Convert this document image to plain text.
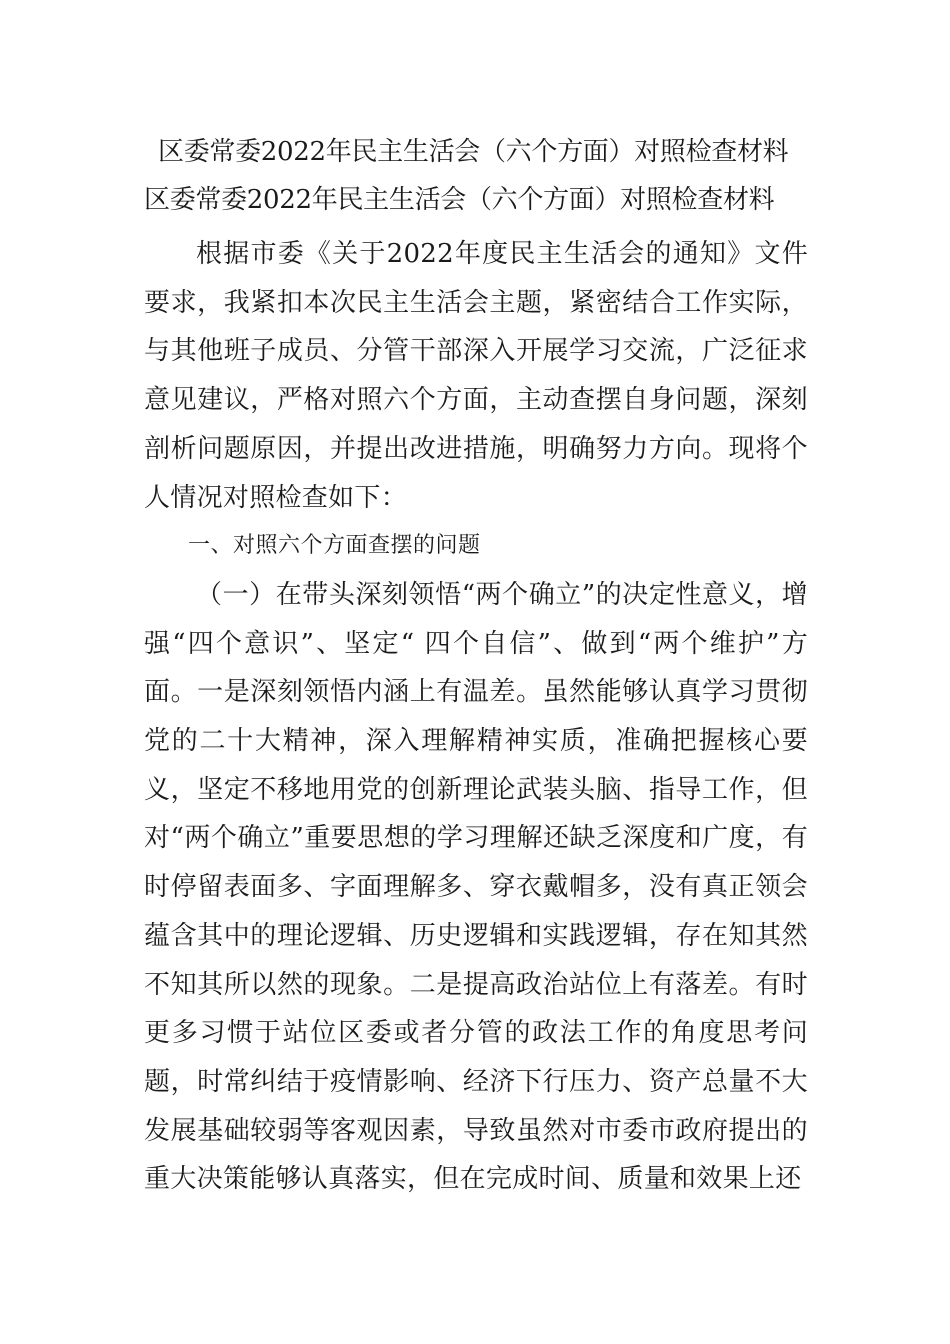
区委常委2022年民主生活会（六个方面）对照检查材料

区委常委2022年民主生活会（六个方面）对照检查材料

根据市委《关于2022年度民主生活会的通知》文件要求，我紧扣本次民主生活会主题，紧密结合工作实际，与其他班子成员、分管干部深入开展学习交流，广泛征求意见建议，严格对照六个方面，主动查摆自身问题，深刻剖析问题原因，并提出改进措施，明确努力方向。现将个人情况对照检查如下：

一、对照六个方面查摆的问题

（一）在带头深刻领悟“两个确立”的决定性意义，增强“四个意识”、坚定“ 四个自信”、做到“两个维护”方面。一是深刻领悟内涵上有温差。虽然能够认真学习贯彻党的二十大精神，深入理解精神实质，准确把握核心要义，坚定不移地用党的创新理论武装头脑、指导工作，但对“两个确立”重要思想的学习理解还缺乏深度和广度，有时停留表面多、字面理解多、穿衣戴帽多，没有真正领会蕴含其中的理论逻辑、历史逻辑和实践逻辑，存在知其然不知其所以然的现象。二是提高政治站位上有落差。有时更多习惯于站位区委或者分管的政法工作的角度思考问题，时常纠结于疫情影响、经济下行压力、资产总量不大发展基础较弱等客观因素，导致虽然对市委市政府提出的重大决策能够认真落实，但在完成时间、质量和效果上还
